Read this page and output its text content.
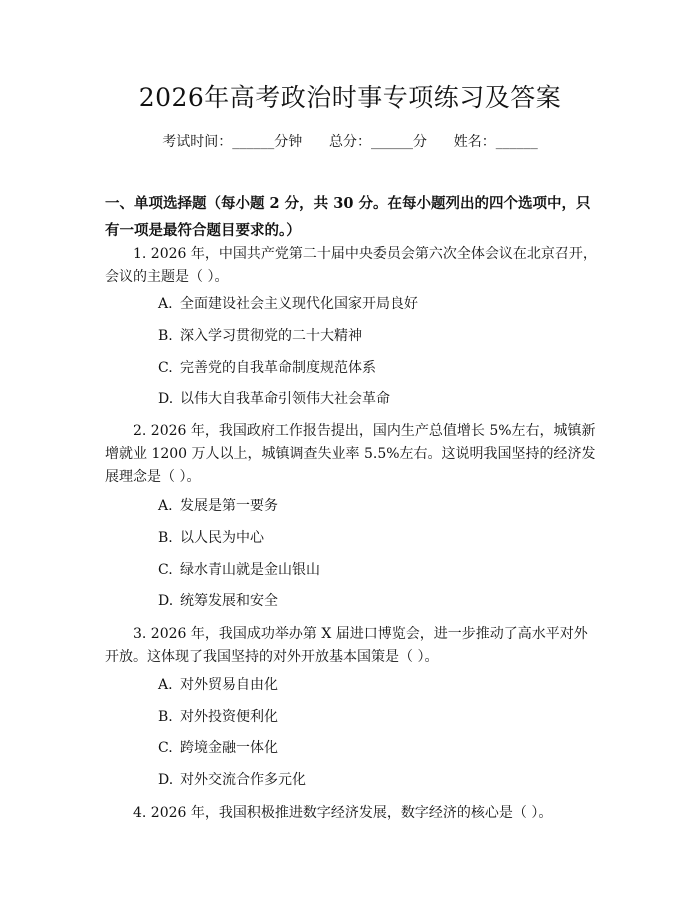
2026年高考政治时事专项练习及答案
考试时间：______分钟      总分：______分      姓名：______
一、单项选择题（每小题 2 分，共 30 分。在每小题列出的四个选项中，只有一项是最符合题目要求的。）
1. 2026 年，中国共产党第二十届中央委员会第六次全体会议在北京召开，会议的主题是（ ）。
A. 全面建设社会主义现代化国家开局良好
B. 深入学习贯彻党的二十大精神
C. 完善党的自我革命制度规范体系
D. 以伟大自我革命引领伟大社会革命
2. 2026 年，我国政府工作报告提出，国内生产总值增长 5%左右，城镇新增就业 1200 万人以上，城镇调查失业率 5.5%左右。这说明我国坚持的经济发展理念是（ ）。
A. 发展是第一要务
B. 以人民为中心
C. 绿水青山就是金山银山
D. 统筹发展和安全
3. 2026 年，我国成功举办第 X 届进口博览会，进一步推动了高水平对外开放。这体现了我国坚持的对外开放基本国策是（ ）。
A. 对外贸易自由化
B. 对外投资便利化
C. 跨境金融一体化
D. 对外交流合作多元化
4. 2026 年，我国积极推进数字经济发展，数字经济的核心是（ ）。
